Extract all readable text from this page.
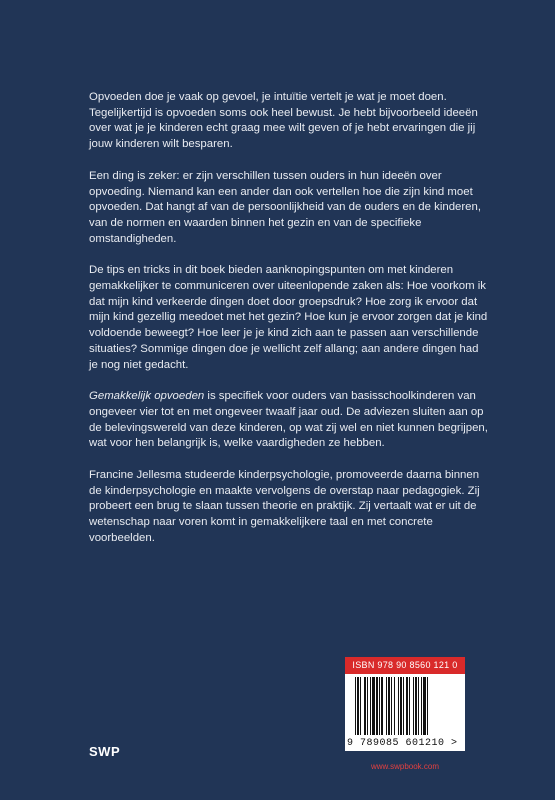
Opvoeden doe je vaak op gevoel, je intuïtie vertelt je wat je moet doen. Tegelijkertijd is opvoeden soms ook heel bewust. Je hebt bijvoorbeeld ideeën over wat je je kinderen echt graag mee wilt geven of je hebt ervaringen die jij jouw kinderen wilt besparen.

Een ding is zeker: er zijn verschillen tussen ouders in hun ideeën over opvoeding. Niemand kan een ander dan ook vertellen hoe die zijn kind moet opvoeden. Dat hangt af van de persoonlijkheid van de ouders en de kinderen, van de normen en waarden binnen het gezin en van de specifieke omstandigheden.

De tips en tricks in dit boek bieden aanknopingspunten om met kinderen gemakkelijker te communiceren over uiteenlopende zaken als: Hoe voorkom ik dat mijn kind verkeerde dingen doet door groepsdruk? Hoe zorg ik ervoor dat mijn kind gezellig meedoet met het gezin? Hoe kun je ervoor zorgen dat je kind voldoende beweegt? Hoe leer je je kind zich aan te passen aan verschillende situaties? Sommige dingen doe je wellicht zelf allang; aan andere dingen had je nog niet gedacht.

Gemakkelijk opvoeden is specifiek voor ouders van basisschoolkinderen van ongeveer vier tot en met ongeveer twaalf jaar oud. De adviezen sluiten aan op de belevingswereld van deze kinderen, op wat zij wel en niet kunnen begrijpen, wat voor hen belangrijk is, welke vaardigheden ze hebben.

Francine Jellesma studeerde kinderpsychologie, promoveerde daarna binnen de kinderpsychologie en maakte vervolgens de overstap naar pedagogiek. Zij probeert een brug te slaan tussen theorie en praktijk. Zij vertaalt wat er uit de wetenschap naar voren komt in gemakkelijkere taal en met concrete voorbeelden.

SWP
ISBN 978 90 8560 121 0
9 789085 601210 >
www.swpbook.com
